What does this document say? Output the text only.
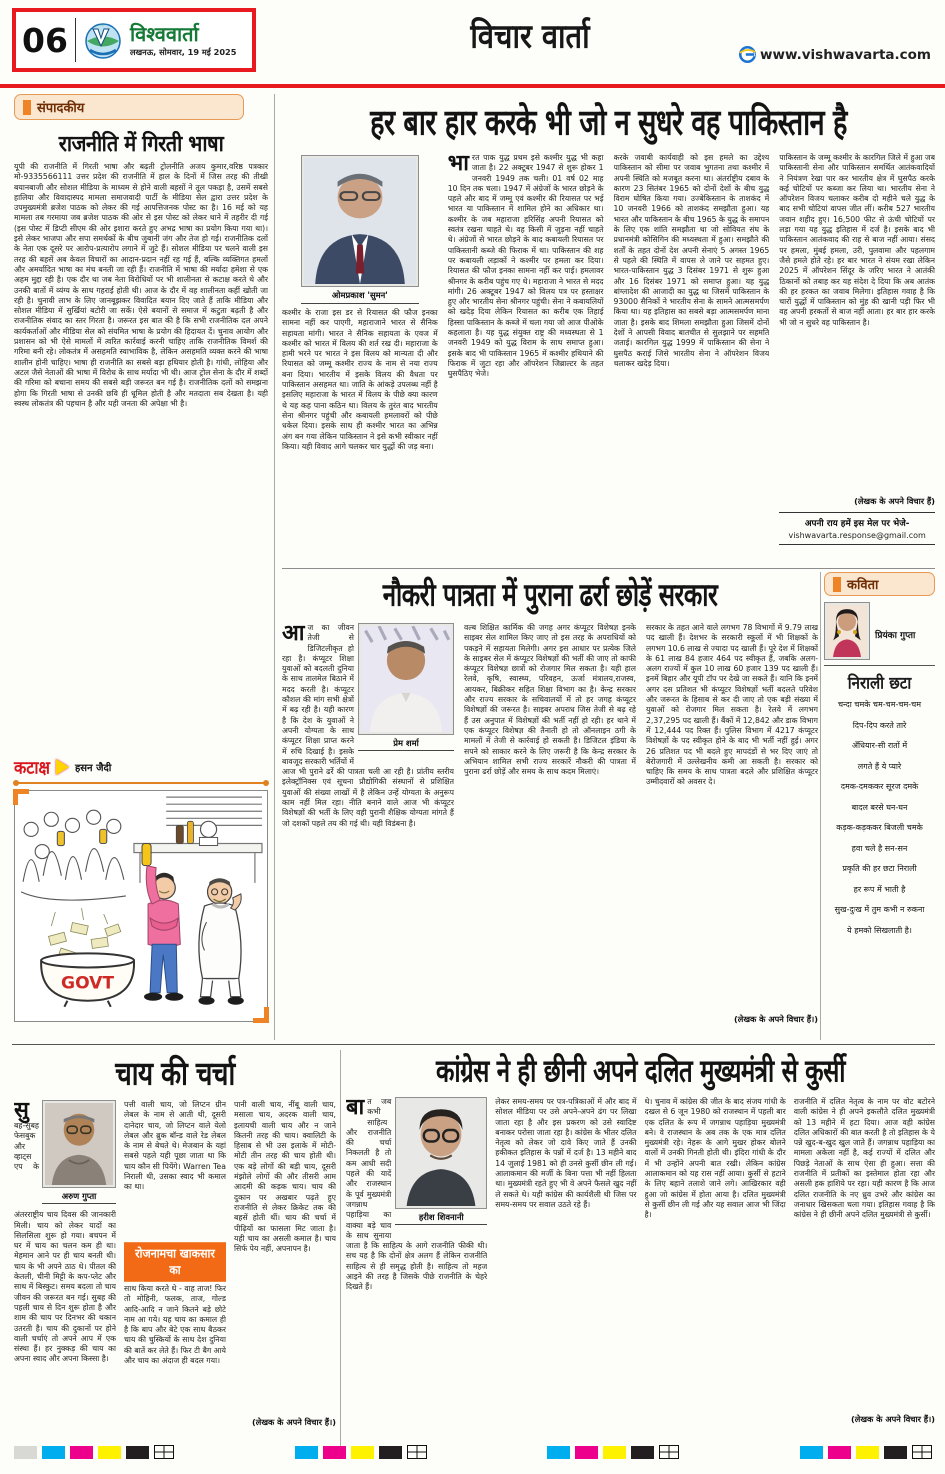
06	विश्ववार्ता
लखनऊ, सोमवार, 19 मई 2025	विचार वार्ता	www.vishwavarta.com
संपादकीय
राजनीति में गिरती भाषा
यूपी की राजनीति में गिरती भाषा और बढ़ती ट्रोलनीति अजय कुमार,वरिष्ठ पत्रकार मो-9335566111 उत्तर प्रदेश की राजनीति में हाल के दिनों में जिस तरह की तीखी बयानबाजी और सोशल मीडिया के माध्यम से होने वाली बहसों ने तूल पकड़ा है, उसमें सबसे हालिया और विवादास्पद मामला समाजवादी पार्टी के मीडिया सेल द्वारा उत्तर प्रदेश के उपमुख्यमंत्री ब्रजेश पाठक को लेकर की गई आपत्तिजनक पोस्ट का है। 16 मई को यह मामला तब गरमाया जब ब्रजेश पाठक की ओर से इस पोस्ट को लेकर थाने में तहरीर दी गई (इस पोस्ट में डिप्टी सीएम की ओर इशारा करते हुए अभद्र भाषा का प्रयोग किया गया था)। इसे लेकर भाजपा और सपा समर्थकों के बीच जुबानी जंग और तेज हो गई। राजनीतिक दलों के नेता एक दूसरे पर आरोप-प्रत्यारोप लगाने में जुटे हैं। सोशल मीडिया पर चलने वाली इस तरह की बहसें अब केवल विचारों का आदान-प्रदान नहीं रह गई हैं, बल्कि व्यक्तिगत हमलों और अमर्यादित भाषा का मंच बनती जा रही हैं। राजनीति में भाषा की मर्यादा हमेशा से एक अहम मुद्दा रही है। एक दौर था जब नेता विरोधियों पर भी शालीनता से कटाक्ष करते थे और उनकी बातों में व्यंग्य के साथ गहराई होती थी। आज के दौर में वह शालीनता कहीं खोती जा रही है। चुनावी लाभ के लिए जानबूझकर विवादित बयान दिए जाते हैं ताकि मीडिया और सोशल मीडिया में सुर्खियां बटोरी जा सकें। ऐसे बयानों से समाज में कटुता बढ़ती है और राजनीतिक संवाद का स्तर गिरता है। जरूरत इस बात की है कि सभी राजनीतिक दल अपने कार्यकर्ताओं और मीडिया सेल को संयमित भाषा के प्रयोग की हिदायत दें। चुनाव आयोग और प्रशासन को भी ऐसे मामलों में त्वरित कार्रवाई करनी चाहिए ताकि राजनीतिक विमर्श की गरिमा बनी रहे। लोकतंत्र में असहमति स्वाभाविक है, लेकिन असहमति व्यक्त करने की भाषा शालीन होनी चाहिए। भाषा ही राजनीति का सबसे बड़ा हथियार होती है। गांधी, लोहिया और अटल जैसे नेताओं की भाषा में विरोध के साथ मर्यादा भी थी। आज ट्रोल सेना के दौर में शब्दों की गरिमा को बचाना समय की सबसे बड़ी जरूरत बन गई है। राजनीतिक दलों को समझना होगा कि गिरती भाषा से उनकी छवि ही धूमिल होती है और मतदाता सब देखता है। यही स्वस्थ लोकतंत्र की पहचान है और यही जनता की अपेक्षा भी है।
हर बार हार करके भी जो न सुधरे वह पाकिस्तान है
ओमप्रकाश 'सुमन'
कश्मीर के राजा इस डर से रियासत की फौज इनका सामना नहीं कर पाएगी, महाराजाने भारत से सैनिक सहायता मांगी। भारत ने सैनिक सहायता के एवज में कश्मीर को भारत में विलय की शर्त रख दी। महाराजा के हामी भरने पर भारत ने इस विलय को मान्यता दी और रियासत को जम्मू कश्मीर राज्य के नाम से नया राज्य बना दिया। भारतीय में इसके विलय की वैधता पर पाकिस्तान असहमत था। जाति के आंकड़े उपलब्ध नहीं है इसलिए महाराजा के भारत में विलय के पीछे क्या कारण थे यह कह पाना कठिन था। विलय के तुरंत बाद भारतीय सेना श्रीनगर पहुंची और कबायली हमलावरों को पीछे धकेल दिया। इसके साथ ही कश्मीर भारत का अभिन्न अंग बन गया लेकिन पाकिस्तान ने इसे कभी स्वीकार नहीं किया। यही विवाद आगे चलकर चार युद्धों की जड़ बना।
भारत पाक युद्ध प्रथम इसे कश्मीर युद्ध भी कहा जाता है। 22 अक्टूबर 1947 से शुरू होकर 1 जनवरी 1949 तक चली। 01 वर्ष 02 माह 10 दिन तक चला। 1947 में अंग्रेजों के भारत छोड़ने के पहले और बाद में जम्मू एवं कश्मीर की रियासत पर भई भारत या पाकिस्तान में शामिल होने का अधिकार था। कश्मीर के जब महाराजा हरिसिंह अपनी रियासत को स्वतंत्र रखना चाहते थे। वह किसी में जुड़ना नहीं चाहते थे। अंग्रेजों से भारत छोड़ने के बाद कबायली रियासत पर पाकिस्तानी कब्जे की फिराक में था। पाकिस्तान की शह पर कबायली लड़ाकों ने कश्मीर पर हमला कर दिया। रियासत की फौज इनका सामना नहीं कर पाई। हमलावर श्रीनगर के करीब पहुंच गए थे। महाराजा ने भारत से मदद मांगी। 26 अक्टूबर 1947 को विलय पत्र पर हस्ताक्षर हुए और भारतीय सेना श्रीनगर पहुंची। सेना ने कबायलियों को खदेड़ दिया लेकिन रियासत का करीब एक तिहाई हिस्सा पाकिस्तान के कब्जे में चला गया जो आज पीओके कहलाता है। यह युद्ध संयुक्त राष्ट्र की मध्यस्थता से 1 जनवरी 1949 को युद्ध विराम के साथ समाप्त हुआ। इसके बाद भी पाकिस्तान 1965 में कश्मीर हथियाने की फिराक में जुटा रहा और ऑपरेशन जिब्राल्टर के तहत घुसपैठिए भेजे।
करके जवाबी कार्यवाही को इस हमले का उद्देश्य पाकिस्तान को सीमा पर जवाब भुगतना तथा कश्मीर में अपनी स्थिति को मजबूत करना था। अंतर्राष्ट्रीय दबाव के कारण 23 सितंबर 1965 को दोनों देशों के बीच युद्ध विराम घोषित किया गया। उज्बेकिस्तान के ताशकंद में 10 जनवरी 1966 को ताशकंद समझौता हुआ। यह भारत और पाकिस्तान के बीच 1965 के युद्ध के समापन के लिए एक शांति समझौता था जो सोवियत संघ के प्रधानमंत्री कोसिगिन की मध्यस्थता में हुआ। समझौते की शर्तों के तहत दोनों देश अपनी सेनाएं 5 अगस्त 1965 से पहले की स्थिति में वापस ले जाने पर सहमत हुए। भारत-पाकिस्तान युद्ध 3 दिसंबर 1971 से शुरू हुआ और 16 दिसंबर 1971 को समाप्त हुआ। यह युद्ध बांग्लादेश की आजादी का युद्ध था जिसमें पाकिस्तान के 93000 सैनिकों ने भारतीय सेना के सामने आत्मसमर्पण किया था। यह इतिहास का सबसे बड़ा आत्मसमर्पण माना जाता है। इसके बाद शिमला समझौता हुआ जिसमें दोनों देशों ने आपसी विवाद बातचीत से सुलझाने पर सहमति जताई। कारगिल युद्ध 1999 में पाकिस्तान की सेना ने घुसपैठ कराई जिसे भारतीय सेना ने ऑपरेशन विजय चलाकर खदेड़ दिया।
पाकिस्तान के जम्मू कश्मीर के कारगिल जिले में हुआ जब पाकिस्तानी सेना और पाकिस्तान समर्थित आतंकवादियों ने नियंत्रण रेखा पार कर भारतीय क्षेत्र में घुसपैठ करके कई चोटियों पर कब्जा कर लिया था। भारतीय सेना ने ऑपरेशन विजय चलाकर करीब दो महीने चले युद्ध के बाद सभी चोटियां वापस जीत लीं। करीब 527 भारतीय जवान शहीद हुए। 16,500 फीट से ऊंची चोटियों पर लड़ा गया यह युद्ध इतिहास में दर्ज है। इसके बाद भी पाकिस्तान आतंकवाद की राह से बाज नहीं आया। संसद पर हमला, मुंबई हमला, उरी, पुलवामा और पहलगाम जैसे हमले होते रहे। हर बार भारत ने संयम रखा लेकिन 2025 में ऑपरेशन सिंदूर के जरिए भारत ने आतंकी ठिकानों को तबाह कर यह संदेश दे दिया कि अब आतंक की हर हरकत का जवाब मिलेगा। इतिहास गवाह है कि चारों युद्धों में पाकिस्तान को मुंह की खानी पड़ी फिर भी वह अपनी हरकतों से बाज नहीं आता। हर बार हार करके भी जो न सुधरे वह पाकिस्तान है।
(लेखक के अपने विचार हैं)
अपनी राय हमें इस मेल पर भेजे-
vishwavarta.response@gmail.com
नौकरी पात्रता में पुराना ढर्रा छोड़ें सरकार
प्रेम शर्मा
आ ज का जीवन तेजी से डिजिटलीकृत हो रहा है। कंप्यूटर शिक्षा युवाओं को बदलती दुनिया के साथ तालमेल बिठाने में मदद करती है। कंप्यूटर कौशल की मांग सभी क्षेत्रों में बढ़ रही है। यही कारण है कि देश के युवाओं ने अपनी योग्यता के साथ कंप्यूटर शिक्षा प्राप्त करने में रुचि दिखाई है। इसके बावजूद सरकारी भर्तियों में आज भी पुराने ढर्रे की पात्रता चली आ रही है। प्रांतीय स्तरीय इलेक्ट्रॉनिक्स एवं सूचना प्रौद्योगिकी संस्थानों से प्रशिक्षित युवाओं की संख्या लाखों में है लेकिन उन्हें योग्यता के अनुरूप काम नहीं मिल रहा। नीति बनाने वाले आज भी कंप्यूटर विशेषज्ञों की भर्ती के लिए वही पुरानी शैक्षिक योग्यता मांगते हैं जो दशकों पहले तय की गई थी। यही विडंबना है।
वल्ब शिक्षित कार्मिक की जगह अगर कंप्यूटर विशेषज्ञ इनके साइबर सेल शामिल किए जाए तो इस तरह के अपराधियों को पकड़ने में सहायता मिलेगी। अगर इस आधार पर प्रत्येक जिले के साइबर सेल में कंप्यूटर विशेषज्ञों की भर्ती की जाए तो काफी कंप्यूटर विशेषज्ञ छात्रों को रोजगार मिल सकता है। यही हाल रेलवे, कृषि, स्वास्थ्य, परिवहन, ऊर्जा मंत्रालय,राजस्व, आयकर, बिक्रीकर सहित शिक्षा विभाग का है। केन्द्र सरकार और राज्य सरकार के सचिवालयों में तो हर जगह कंप्यूटर विशेषज्ञों की जरूरत है। साइबर अपराध जिस तेजी से बढ़ रहे हैं उस अनुपात में विशेषज्ञों की भर्ती नहीं हो रही। हर थाने में एक कंप्यूटर विशेषज्ञ की तैनाती हो तो ऑनलाइन ठगी के मामलों में तेजी से कार्रवाई हो सकती है। डिजिटल इंडिया के सपने को साकार करने के लिए जरूरी है कि केन्द्र सरकार के अभियान शामिल सभी राज्य सरकारें नौकरी की पात्रता में पुराना ढर्रा छोड़ें और समय के साथ कदम मिलाएं।
सरकार के तहत आने वाले लगभग 78 विभागों में 9.79 लाख पद खाली हैं। देशभर के सरकारी स्कूलों में भी शिक्षकों के लगभग 10.6 लाख से ज्यादा पद खाली हैं। पूरे देश में शिक्षकों के 61 लाख 84 हजार 464 पद स्वीकृत हैं, जबकि अलग-अलग राज्यों में कुल 10 लाख 60 हजार 139 पद खाली हैं। इनमें बिहार और यूपी टॉप पर देखे जा सकते हैं। यानि कि इनमें अगर दस प्रतिशत भी कंप्यूटर विशेषज्ञों भर्ती बदलते परिवेश और जरूरत के हिसाब से कर दी जाए तो एक बड़ी संख्या में युवाओं को रोजगार मिल सकता है। रेलवे में लगभग 2,37,295 पद खाली हैं। बैंकों में 12,842 और डाक विभाग में 12,444 पद रिक्त हैं। पुलिस विभाग में 4217 कंप्यूटर विशेषज्ञों के पद स्वीकृत होने के बाद भी भर्ती नहीं हुई। अगर 26 प्रतिशत पद भी बदले हुए मापदंडों से भर दिए जाएं तो बेरोजगारी में उल्लेखनीय कमी आ सकती है। सरकार को चाहिए कि समय के साथ पात्रता बदले और प्रशिक्षित कंप्यूटर उम्मीदवारों को अवसर दे।
(लेखक के अपने विचार हैं।)
कविता
प्रियंका गुप्ता
निराली छटा
चन्दा चमके चम-चम-चम-चम
दिप-दिप करते तारे
अँधियार-सी रातों में
लगते हैं ये प्यारे
दमक-दमककर सूरज दमके
बादल बरसे घन-घन
कड़क-कड़ककर बिजली चमके
हवा चले है सन-सन
प्रकृति की हर छटा निराली
हर रूप में भाती है
सुख-दुःख में तुम कभी न रुकना
ये हमको सिखलाती है।
कटाक्ष	हसन जैदी
GOVT
चाय की चर्चा
अरुण गुप्ता
सु
बह-सुबह फेसबुक और व्हाट्स एप के अंतरराष्ट्रीय चाय दिवस की जानकारी मिली। चाय को लेकर यादों का सिलसिला शुरू हो गया। बचपन में घर में चाय का चलन कम ही था। मेहमान आने पर ही चाय बनती थी। चाय के भी अपने ठाठ थे। पीतल की केतली, चीनी मिट्टी के कप-प्लेट और साथ में बिस्कुट। समय बदला तो चाय जीवन की जरूरत बन गई। सुबह की पहली चाय से दिन शुरू होता है और शाम की चाय पर दिनभर की थकान उतरती है। चाय की दुकानों पर होने वाली चर्चाएं तो अपने आप में एक संस्था हैं। हर नुक्कड़ की चाय का अपना स्वाद और अपना किस्सा है।
पत्ती वाली चाय, जो लिप्टन ग्रीन लेबल के नाम से आती थी, दूसरी दानेदार चाय, जो लिप्टन वाले येलो लेबल और ब्रुक बॉन्ड वाले रेड लेबल के नाम से बेचते थे। मेजबान के यहां सबसे पहले यही पूछा जाता था कि चाय कौन सी पियेंगे। Warren Tea निराली थी, उसका स्वाद भी कमाल का था।
रोजनामचा खाकसार का
साथ किया करते थे - वाह ताज! फिर तो मोहिनी, फलक, ताज, गोल्ड आदि-आदि न जाने कितने बड़े छोटे नाम आ गये। यह चाय का कमाल ही है कि बाप और बेटे एक साथ बैठकर चाय की चुस्कियों के साथ देश दुनिया की बातें कर लेते हैं। फिर टी बैग आये और चाय का अंदाज ही बदल गया।
पानी वाली चाय, नींबू वाली चाय, मसाला चाय, अदरक वाली चाय, इलायची वाली चाय और न जाने कितनी तरह की चाय। क्वालिटी के हिसाब से भी उस इलाके में मोटी-मोटी तीन तरह की चाय होती थी। एक बड़े लोगों की बड़ी चाय, दूसरी मंझोले लोगों की और तीसरी आम आदमी की कड़क चाय। चाय की दुकान पर अखबार पढ़ते हुए राजनीति से लेकर क्रिकेट तक की बहसें होती थीं। चाय की चर्चा में पीढ़ियों का फासला मिट जाता है। यही चाय का असली कमाल है। चाय सिर्फ पेय नहीं, अपनापन है।
(लेखक के अपने विचार हैं।)
कांग्रेस ने ही छीनी अपने दलित मुख्यमंत्री से कुर्सी
हरीश शिवनानी
बा त जब कभी साहित्य और राजनीति की चर्चा निकलती है तो कम आधी सदी पहले की यादें और राजस्थान के पूर्व मुख्यमंत्री जगन्नाथ पहाड़िया का वाक्या बड़े चाव के साथ सुनाया जाता है कि साहित्य के आगे राजनीति फीकी थी। सच यह है कि दोनों क्षेत्र अलग हैं लेकिन राजनीति साहित्य से ही समृद्ध होती है। साहित्य तो महज आइने की तरह है जिसके पीछे राजनीति के चेहरे दिखते हैं।
लेकर समय-समय पर पत्र-पत्रिकाओं में और बाद में सोशल मीडिया पर उसे अपने-अपने ढंग पर लिखा जाता रहा है और इस प्रकरण को उसे स्वादिष्ट बनाकर परोसा जाता रहा है। कांग्रेस के भीतर दलित नेतृत्व को लेकर जो दावे किए जाते हैं उनकी हकीकत इतिहास के पन्नों में दर्ज है। 13 महीने बाद 14 जुलाई 1981 को ही उनसे कुर्सी छीन ली गई। आलाकमान की मर्जी के बिना पत्ता भी नहीं हिलता था। मुख्यमंत्री रहते हुए भी वे अपने फैसले खुद नहीं ले सकते थे। यही कांग्रेस की कार्यशैली थी जिस पर समय-समय पर सवाल उठते रहे हैं।
थे। चुनाव में कांग्रेस की जीत के बाद संजय गांधी के दखल से 6 जून 1980 को राजस्थान में पहली बार एक दलित के रूप में जगन्नाथ पहाड़िया मुख्यमंत्री बने। वे राजस्थान के अब तक के एक मात्र दलित मुख्यमंत्री रहे। नेहरू के आगे मुखर होकर बोलने वालों में उनकी गिनती होती थी। इंदिरा गांधी के दौर में भी उन्होंने अपनी बात रखी। लेकिन कांग्रेस आलाकमान को यह रास नहीं आया। कुर्सी से हटाने के लिए बहाने तलाशे जाने लगे। आखिरकार वही हुआ जो कांग्रेस में होता आया है। दलित मुख्यमंत्री से कुर्सी छीन ली गई और यह सवाल आज भी जिंदा है।
राजनीति में दलित नेतृत्व के नाम पर वोट बटोरने वाली कांग्रेस ने ही अपने इकलौते दलित मुख्यमंत्री को 13 महीने में हटा दिया। आज वही कांग्रेस दलित अधिकारों की बात करती है तो इतिहास के ये पन्ने खुद-ब-खुद खुल जाते हैं। जगन्नाथ पहाड़िया का मामला अकेला नहीं है, कई राज्यों में दलित और पिछड़े नेताओं के साथ ऐसा ही हुआ। सत्ता की राजनीति में प्रतीकों का इस्तेमाल होता रहा और असली हक हाशिये पर रहा। यही कारण है कि आज दलित राजनीति के नए ध्रुव उभरे और कांग्रेस का जनाधार खिसकता चला गया। इतिहास गवाह है कि कांग्रेस ने ही छीनी अपने दलित मुख्यमंत्री से कुर्सी।
(लेखक के अपने विचार हैं।)
